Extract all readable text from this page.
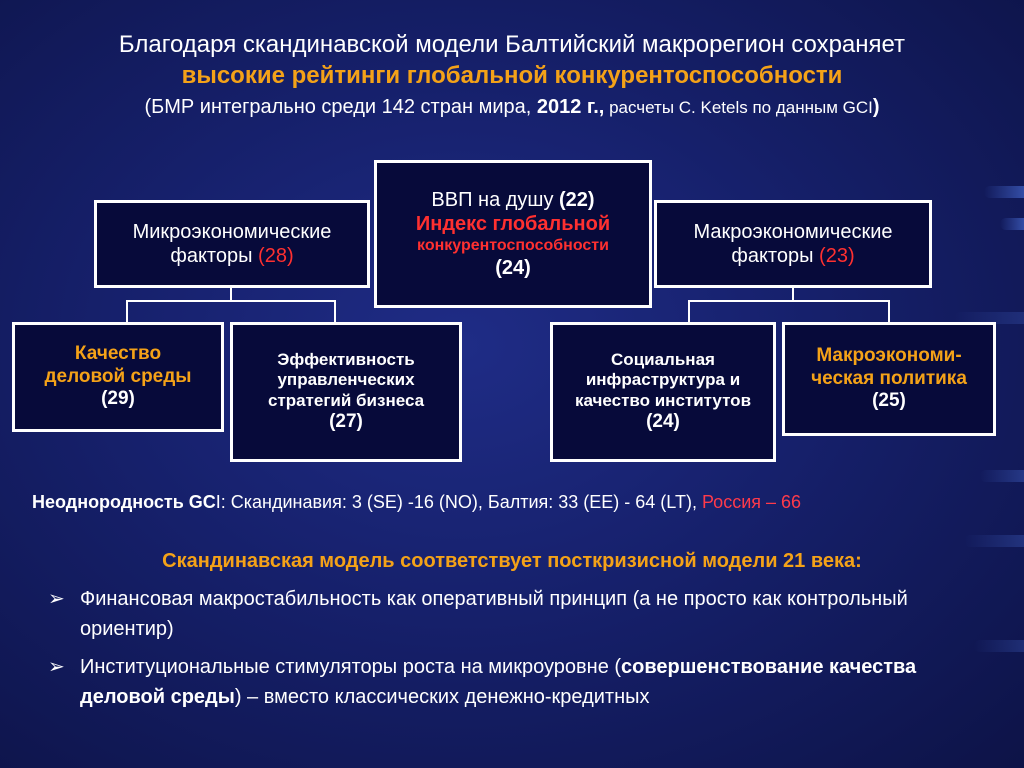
Благодаря скандинавской модели Балтийский макрорегион сохраняет
высокие рейтинги глобальной конкурентоспособности
(БМР интегрально среди 142 стран мира, 2012 г., расчеты C. Ketels по данным GCI)
ВВП на душу (22)
Индекс глобальной
конкурентоспособности
(24)
Микроэкономические
факторы (28)
Макроэкономические
факторы (23)
Качество
деловой среды
(29)
Эффективность
управленческих
стратегий бизнеса
(27)
Социальная
инфраструктура и
качество институтов
(24)
Макроэкономи-
ческая политика
(25)
Неоднородность GCI: Скандинавия: 3 (SE) -16 (NO), Балтия: 33 (EE) - 64 (LT), Россия – 66
Скандинавская модель соответствует посткризисной модели 21 века:
➢ Финансовая макростабильность как оперативный принцип (а не просто как контрольный ориентир)
➢ Институциональные стимуляторы роста на микроуровне (совершенствование качества деловой среды) – вместо классических денежно-кредитных
